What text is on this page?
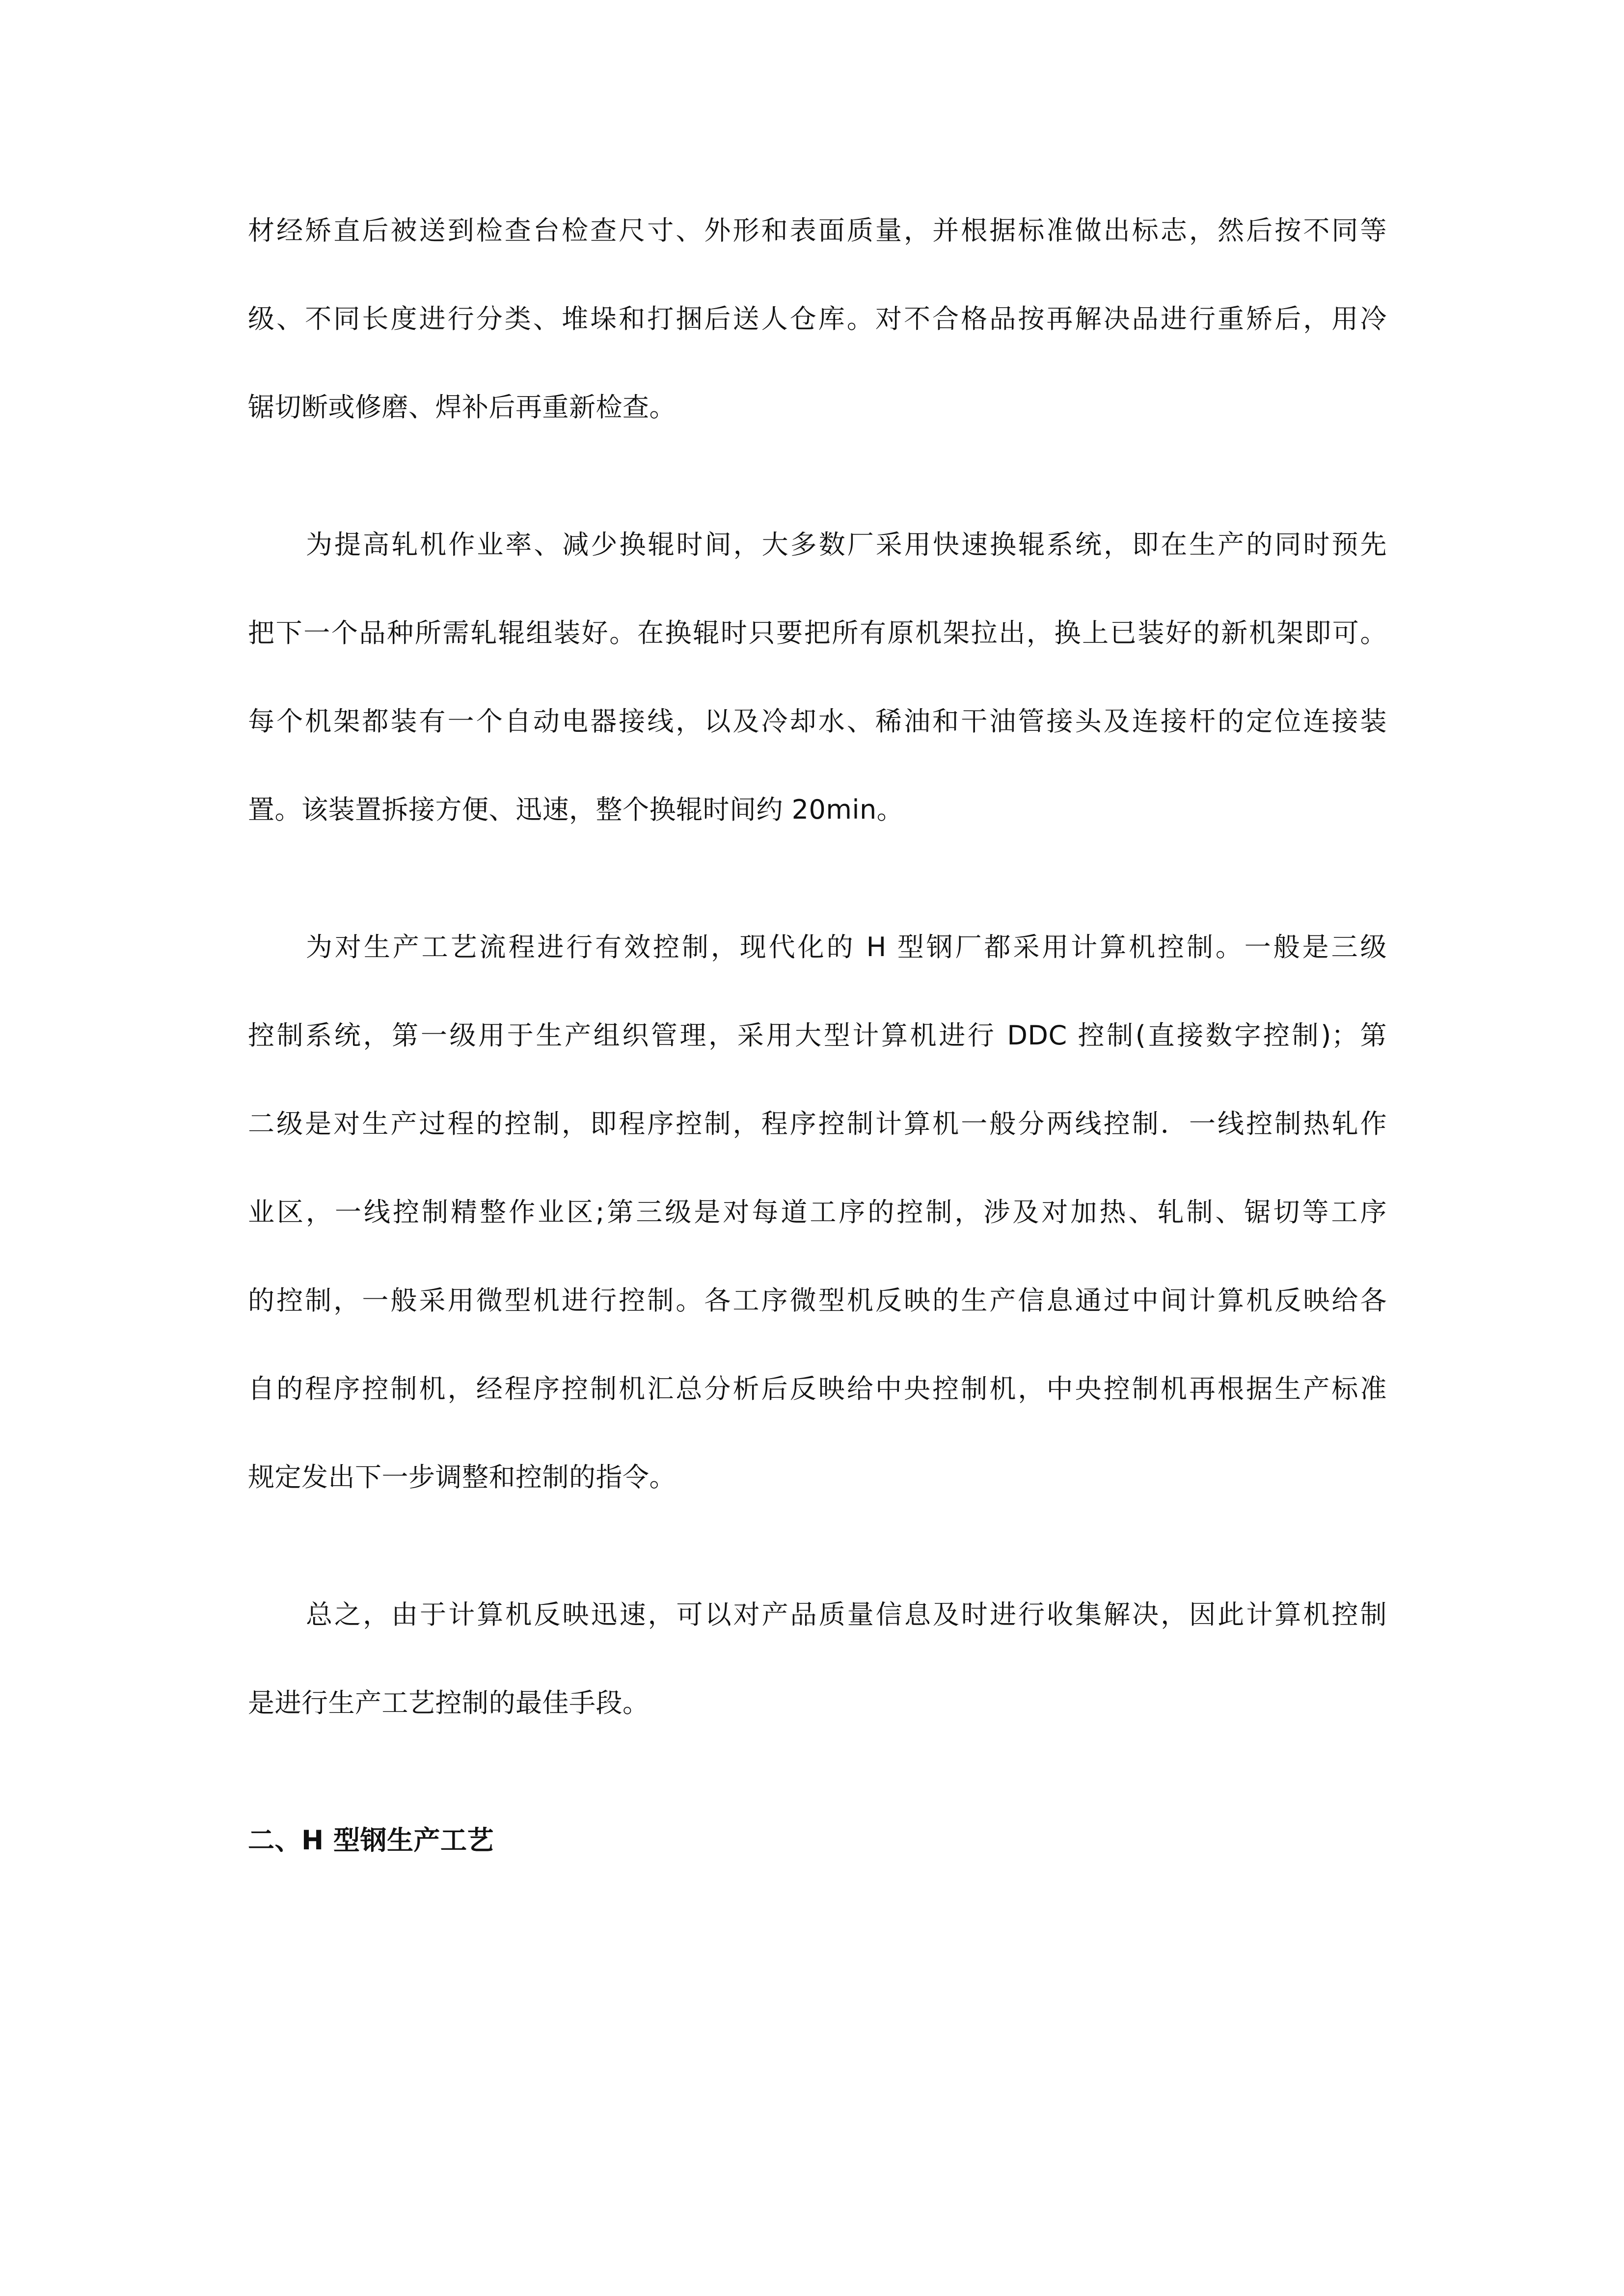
材经矫直后被送到检查台检查尺寸、外形和表面质量，并根据标准做出标志，然后按不同等
级、不同长度进行分类、堆垛和打捆后送人仓库。对不合格品按再解决品进行重矫后，用冷
锯切断或修磨、焊补后再重新检查。
为提高轧机作业率、减少换辊时间，大多数厂采用快速换辊系统，即在生产的同时预先
把下一个品种所需轧辊组装好。在换辊时只要把所有原机架拉出，换上已装好的新机架即可。
每个机架都装有一个自动电器接线，以及冷却水、稀油和干油管接头及连接杆的定位连接装
置。该装置拆接方便、迅速，整个换辊时间约 20min。
为对生产工艺流程进行有效控制，现代化的 H 型钢厂都采用计算机控制。一般是三级
控制系统，第一级用于生产组织管理，采用大型计算机进行 DDC 控制(直接数字控制)；第
二级是对生产过程的控制，即程序控制，程序控制计算机一般分两线控制．一线控制热轧作
业区，一线控制精整作业区;第三级是对每道工序的控制，涉及对加热、轧制、锯切等工序
的控制，一般采用微型机进行控制。各工序微型机反映的生产信息通过中间计算机反映给各
自的程序控制机，经程序控制机汇总分析后反映给中央控制机，中央控制机再根据生产标准
规定发出下一步调整和控制的指令。
总之，由于计算机反映迅速，可以对产品质量信息及时进行收集解决，因此计算机控制
是进行生产工艺控制的最佳手段。
二、H 型钢生产工艺
